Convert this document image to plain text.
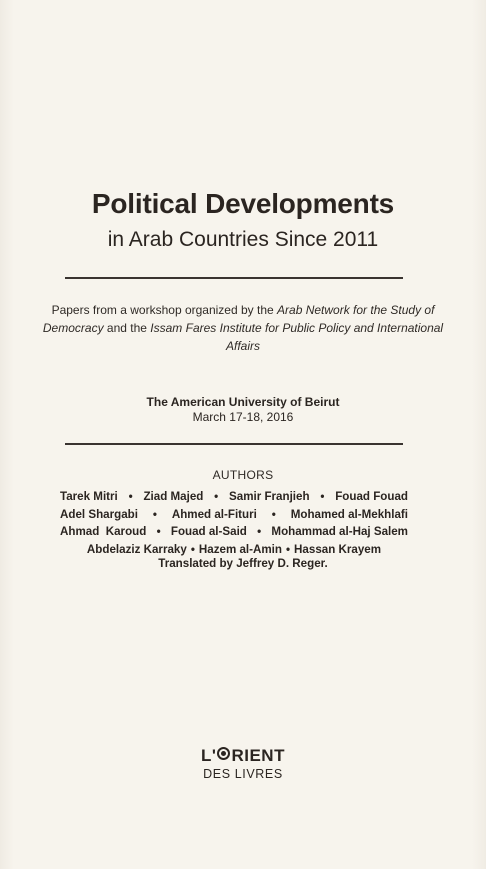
Political Developments
in Arab Countries Since 2011
Papers from a workshop organized by the Arab Network for the Study of Democracy and the Issam Fares Institute for Public Policy and International Affairs
The American University of Beirut
March 17-18, 2016
AUTHORS
Tarek Mitri • Ziad Majed • Samir Franjieh • Fouad Fouad
Adel Shargabi • Ahmed al-Fituri • Mohamed al-Mekhlafi
Ahmad  Karoud • Fouad al-Said • Mohammad al-Haj Salem
Abdelaziz Karraky • Hazem al-Amin • Hassan Krayem
Translated by Jeffrey D. Reger.
L' RIENT
DES LIVRES
